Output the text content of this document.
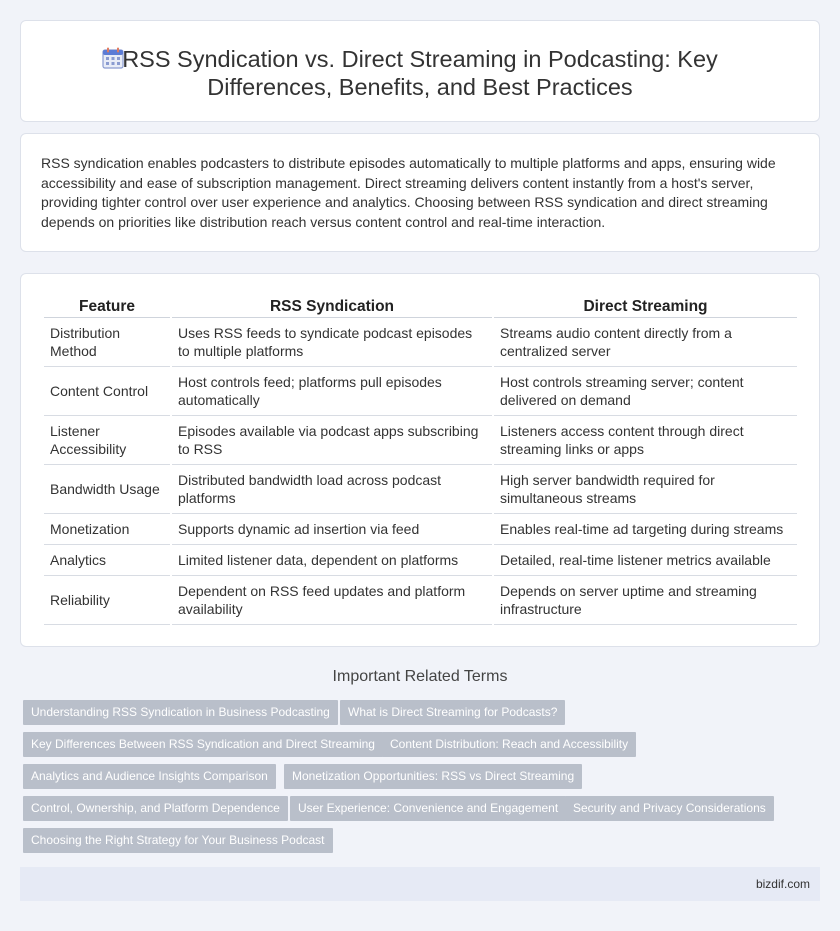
RSS Syndication vs. Direct Streaming in Podcasting: Key
Differences, Benefits, and Best Practices

RSS syndication enables podcasters to distribute episodes automatically to multiple platforms and apps, ensuring wide accessibility and ease of subscription management. Direct streaming delivers content instantly from a host's server, providing tighter control over user experience and analytics. Choosing between RSS syndication and direct streaming depends on priorities like distribution reach versus content control and real-time interaction.

Feature	RSS Syndication	Direct Streaming
Distribution Method	Uses RSS feeds to syndicate podcast episodes to multiple platforms	Streams audio content directly from a centralized server
Content Control	Host controls feed; platforms pull episodes automatically	Host controls streaming server; content delivered on demand
Listener Accessibility	Episodes available via podcast apps subscribing to RSS	Listeners access content through direct streaming links or apps
Bandwidth Usage	Distributed bandwidth load across podcast platforms	High server bandwidth required for simultaneous streams
Monetization	Supports dynamic ad insertion via feed	Enables real-time ad targeting during streams
Analytics	Limited listener data, dependent on platforms	Detailed, real-time listener metrics available
Reliability	Dependent on RSS feed updates and platform availability	Depends on server uptime and streaming infrastructure
Important Related Terms
Understanding RSS Syndication in Business Podcasting	What is Direct Streaming for Podcasts?
Key Differences Between RSS Syndication and Direct Streaming	Content Distribution: Reach and Accessibility
Analytics and Audience Insights Comparison	Monetization Opportunities: RSS vs Direct Streaming
Control, Ownership, and Platform Dependence	User Experience: Convenience and Engagement	Security and Privacy Considerations
Choosing the Right Strategy for Your Business Podcast
bizdif.com
